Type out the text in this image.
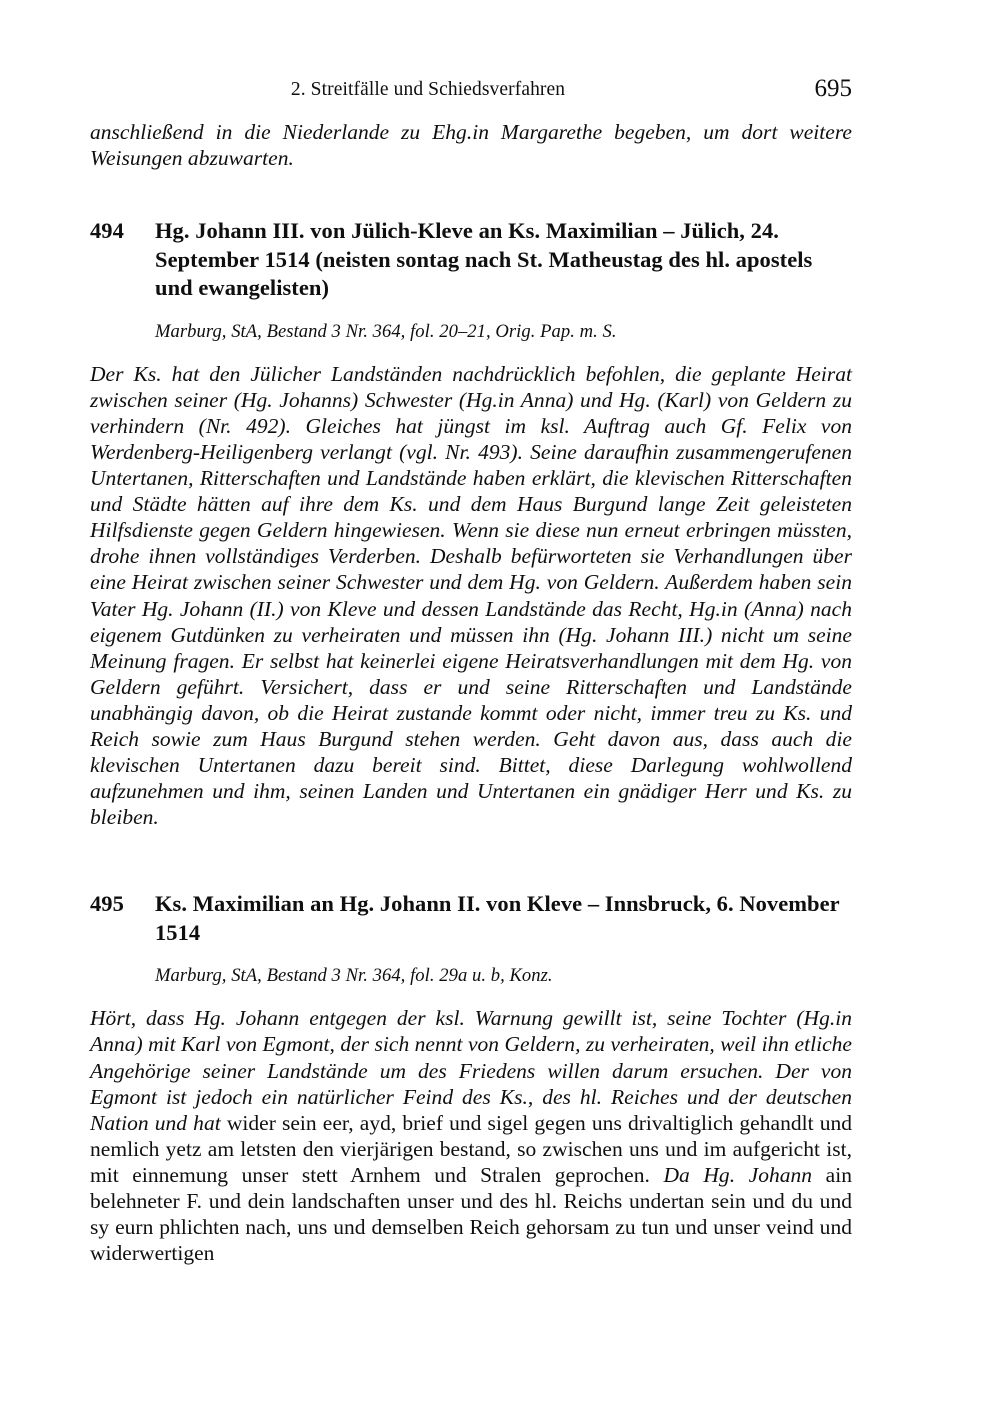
2. Streitfälle und Schiedsverfahren	695

anschließend in die Niederlande zu Ehg.in Margarethe begeben, um dort weitere Weisungen abzuwarten.

494 Hg. Johann III. von Jülich-Kleve an Ks. Maximilian – Jülich, 24. September 1514 (neisten sontag nach St. Matheustag des hl. apostels und ewangelisten)
Marburg, StA, Bestand 3 Nr. 364, fol. 20–21, Orig. Pap. m. S.

Der Ks. hat den Jülicher Landständen nachdrücklich befohlen, die geplante Heirat zwischen seiner (Hg. Johanns) Schwester (Hg.in Anna) und Hg. (Karl) von Geldern zu verhindern (Nr. 492). Gleiches hat jüngst im ksl. Auftrag auch Gf. Felix von Werdenberg-Heiligenberg verlangt (vgl. Nr. 493). Seine daraufhin zusammengerufenen Untertanen, Ritterschaften und Landstände haben erklärt, die klevischen Ritterschaften und Städte hätten auf ihre dem Ks. und dem Haus Burgund lange Zeit geleisteten Hilfsdienste gegen Geldern hingewiesen. Wenn sie diese nun erneut erbringen müssten, drohe ihnen vollständiges Verderben. Deshalb befürworteten sie Verhandlungen über eine Heirat zwischen seiner Schwester und dem Hg. von Geldern. Außerdem haben sein Vater Hg. Johann (II.) von Kleve und dessen Landstände das Recht, Hg.in (Anna) nach eigenem Gutdünken zu verheiraten und müssen ihn (Hg. Johann III.) nicht um seine Meinung fragen. Er selbst hat keinerlei eigene Heiratsverhandlungen mit dem Hg. von Geldern geführt. Versichert, dass er und seine Ritterschaften und Landstände unabhängig davon, ob die Heirat zustande kommt oder nicht, immer treu zu Ks. und Reich sowie zum Haus Burgund stehen werden. Geht davon aus, dass auch die klevischen Untertanen dazu bereit sind. Bittet, diese Darlegung wohlwollend aufzunehmen und ihm, seinen Landen und Untertanen ein gnädiger Herr und Ks. zu bleiben.

495 Ks. Maximilian an Hg. Johann II. von Kleve – Innsbruck, 6. November 1514
Marburg, StA, Bestand 3 Nr. 364, fol. 29a u. b, Konz.

Hört, dass Hg. Johann entgegen der ksl. Warnung gewillt ist, seine Tochter (Hg.in Anna) mit Karl von Egmont, der sich nennt von Geldern, zu verheiraten, weil ihn etliche Angehörige seiner Landstände um des Friedens willen darum ersuchen. Der von Egmont ist jedoch ein natürlicher Feind des Ks., des hl. Reiches und der deutschen Nation und hat wider sein eer, ayd, brief und sigel gegen uns drivaltiglich gehandlt und nemlich yetz am letsten den vierjärigen bestand, so zwischen uns und im aufgericht ist, mit einnemung unser stett Arnhem und Stralen geprochen. Da Hg. Johann ain belehneter F. und dein landschaften unser und des hl. Reichs undertan sein und du und sy eurn phlichten nach, uns und demselben Reich gehorsam zu tun und unser veind und widerwertigen
